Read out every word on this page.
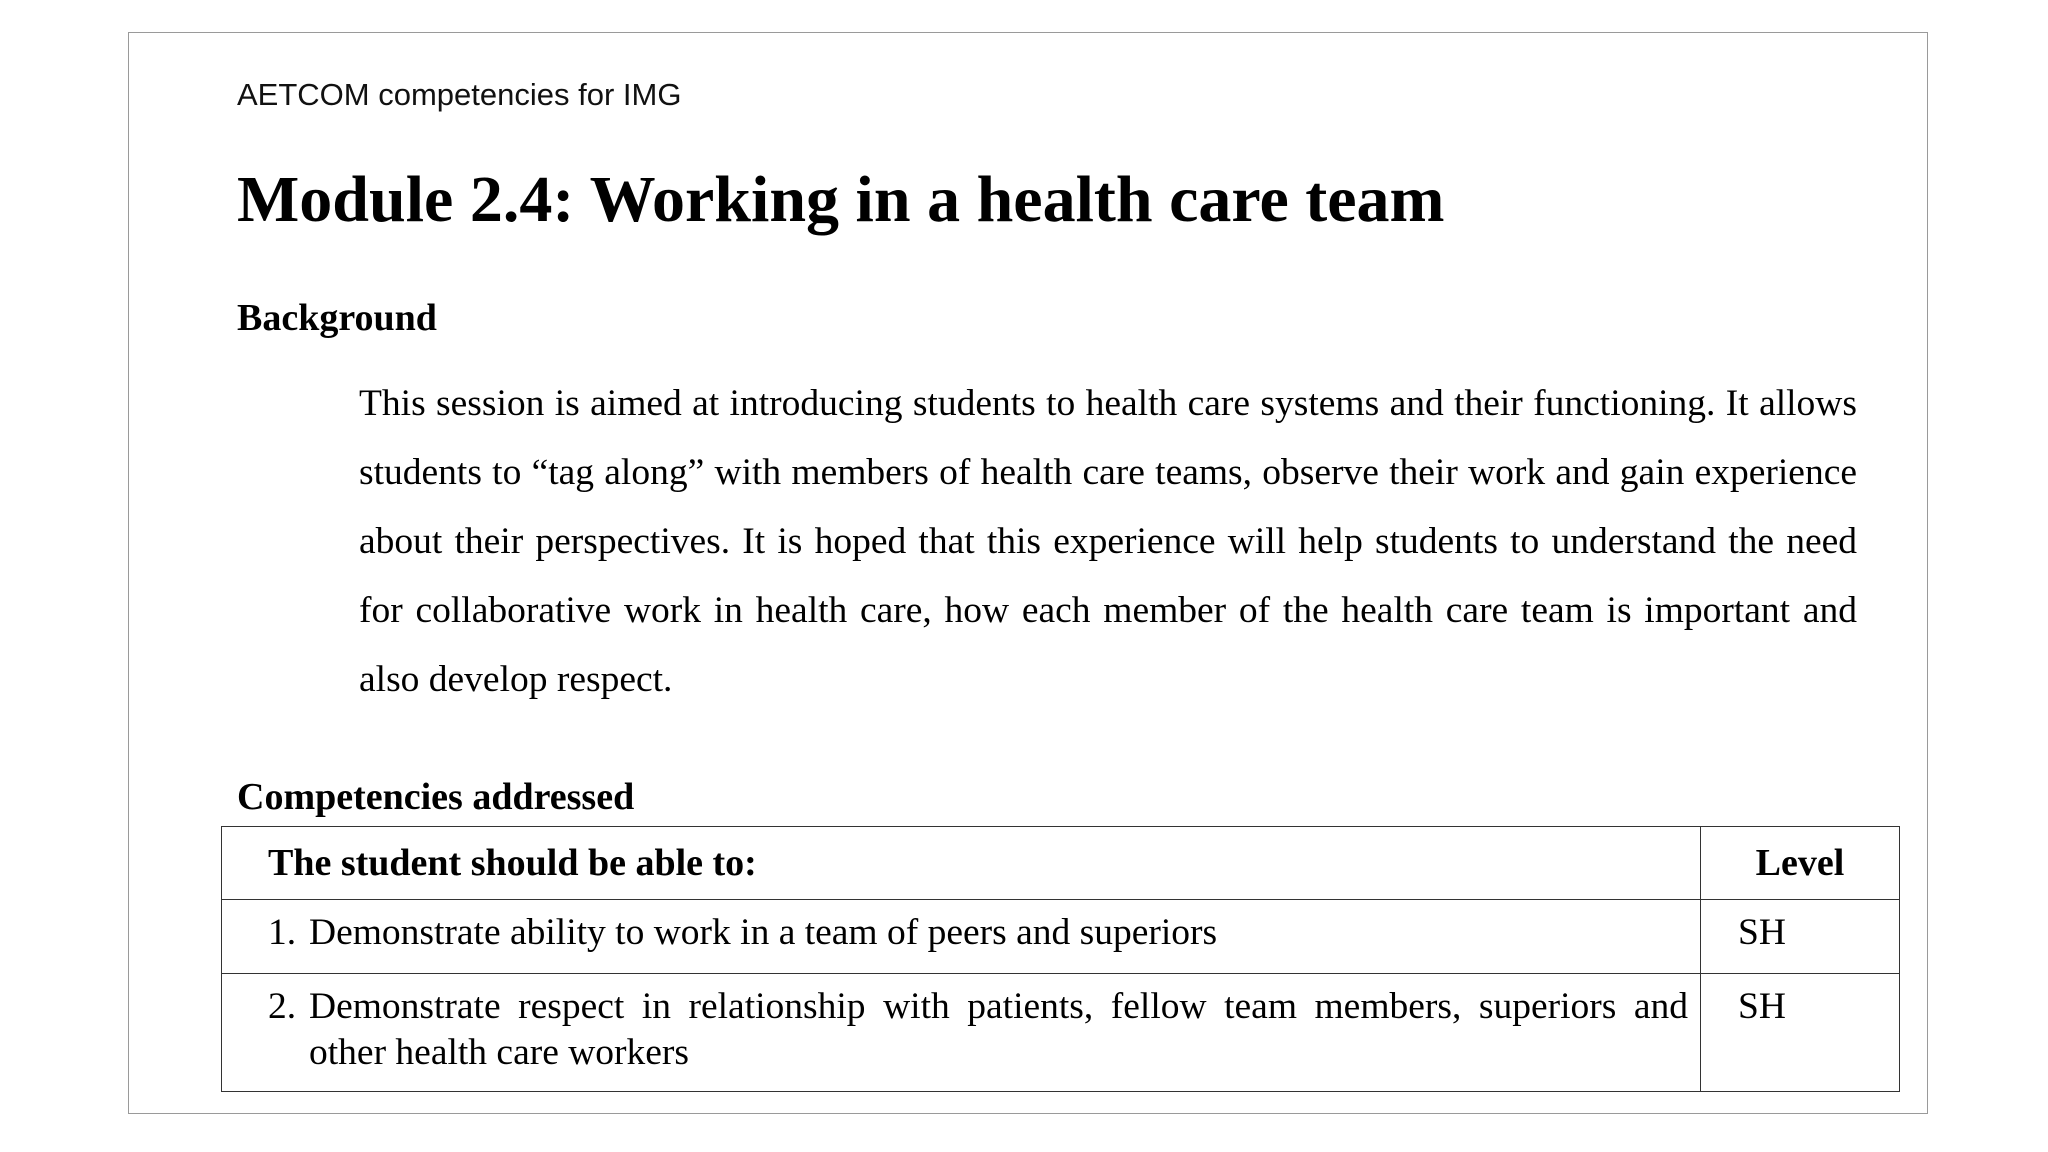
AETCOM competencies for IMG
Module 2.4: Working in a health care team
Background

This session is aimed at introducing students to health care systems and their functioning. It allows students to “tag along” with members of health care teams, observe their work and gain experience about their perspectives. It is hoped that this experience will help students to understand the need for collaborative work in health care, how each member of the health care team is important and also develop respect.

Competencies addressed
The student should be able to:	Level

1. Demonstrate ability to work in a team of peers and superiors	SH

2. Demonstrate respect in relationship with patients, fellow team members, superiors and other health care workers	SH
